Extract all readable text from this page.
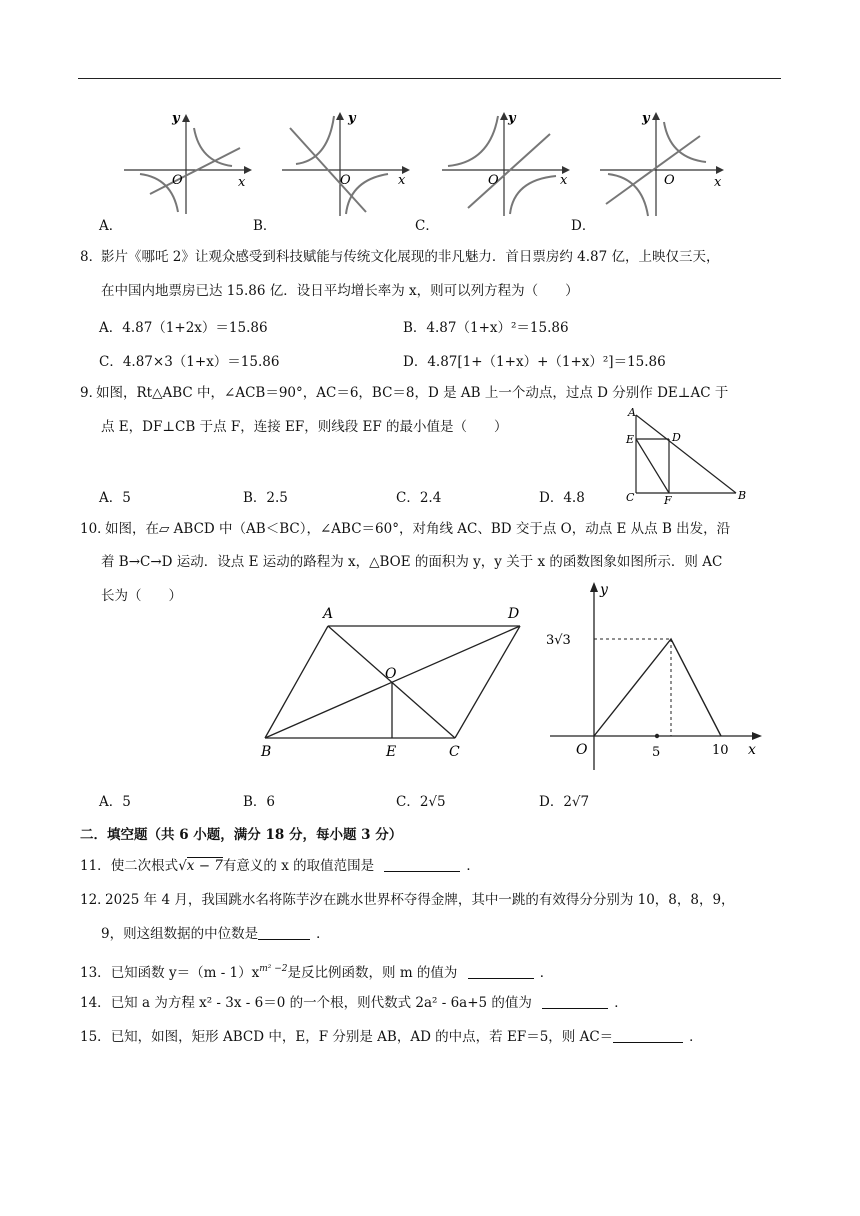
y
O	x
y
O	x
y
O	x
y
O	x
A．	B．	C．	D．
8．
影片《哪吒 2》让观众感受到科技赋能与传统文化展现的非凡魅力．首日票房约 4.87 亿，上映仅三天，
在中国内地票房已达 15.86 亿．设日平均增长率为 x，则可以列方程为（　　）
A．4.87（1+2x）＝15.86	B．4.87（1+x）²＝15.86
C．4.87×3（1+x）＝15.86	D．4.87[1+（1+x）+（1+x）²]＝15.86
9．
如图，Rt△ABC 中，∠ACB＝90°，AC＝6，BC＝8，D 是 AB 上一个动点，过点 D 分别作 DE⊥AC 于
点 E，DF⊥CB 于点 F，连接 EF，则线段 EF 的最小值是（　　）
A
E	D
C	F	B
A．5	B．2.5	C．2.4	D．4.8
10．
如图，在▱ ABCD 中（AB＜BC），∠ABC＝60°，对角线 AC、BD 交于点 O，动点 E 从点 B 出发，沿
着 B→C→D 运动．设点 E 运动的路程为 x，△BOE 的面积为 y，y 关于 x 的函数图象如图所示．则 AC
长为（　　）
A	D
O
B	E	C
y
O	5	10 x
3√3
A．5	B．6	C．2√5	D．2√7
二．填空题（共 6 小题，满分 18 分，每小题 3 分）
11．使二次根式√x − 7有意义的 x 的取值范围是	．
12．
2025 年 4 月，我国跳水名将陈芋汐在跳水世界杯夺得金牌，其中一跳的有效得分分别为 10，8，8，9，
9，则这组数据的中位数是	．
13．已知函数 $y=(m - 1)x^{m^2 -2}$是反比例函数，则 m 的值为	．
14．已知 a 为方程 x² - 3x - 6＝0 的一个根，则代数式 2a² - 6a+5 的值为	．
15．已知，如图，矩形 ABCD 中，E，F 分别是 AB，AD 的中点，若 EF＝5，则 AC＝	．
